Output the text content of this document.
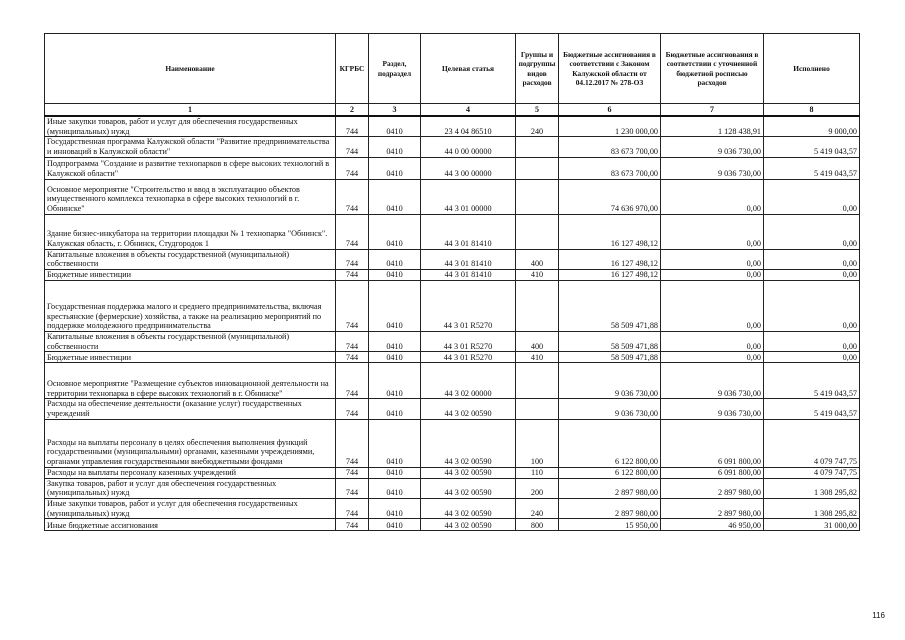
Наименование	КГРБС	Раздел, подраздел	Целевая статья	Группы и подгруппы видов расходов	Бюджетные ассигнования в соответствии с Законом Калужской области от 04.12.2017 № 278-ОЗ	Бюджетные ассигнования в соответствии с уточненной бюджетной росписью расходов	Исполнено
1	2	3	4	5	6	7	8
Иные закупки товаров, работ и услуг для обеспечения государственных (муниципальных) нужд	744	0410	23 4 04 86510	240	1 230 000,00	1 128 438,91	9 000,00
Государственная программа Калужской области "Развитие предпринимательства и инноваций в Калужской области"	744	0410	44 0 00 00000		83 673 700,00	9 036 730,00	5 419 043,57
Подпрограмма "Создание и развитие технопарков в сфере высоких технологий в Калужской области"	744	0410	44 3 00 00000		83 673 700,00	9 036 730,00	5 419 043,57
Основное мероприятие "Строительство и ввод в эксплуатацию объектов имущественного комплекса технопарка в сфере высоких технологий в г. Обнинске"	744	0410	44 3 01 00000		74 636 970,00	0,00	0,00
Здание бизнес-инкубатора на территории площадки № 1 технопарка "Обнинск". Калужская область, г. Обнинск, Студгородок 1	744	0410	44 3 01 81410		16 127 498,12	0,00	0,00
Капитальные вложения в объекты государственной (муниципальной) собственности	744	0410	44 3 01 81410	400	16 127 498,12	0,00	0,00
Бюджетные инвестиции	744	0410	44 3 01 81410	410	16 127 498,12	0,00	0,00
Государственная поддержка малого и среднего предпринимательства, включая крестьянские (фермерские) хозяйства, а также на реализацию мероприятий по поддержке молодежного предпринимательства	744	0410	44 3 01 R5270		58 509 471,88	0,00	0,00
Капитальные вложения в объекты государственной (муниципальной) собственности	744	0410	44 3 01 R5270	400	58 509 471,88	0,00	0,00
Бюджетные инвестиции	744	0410	44 3 01 R5270	410	58 509 471,88	0,00	0,00
Основное мероприятие "Размещение субъектов инновационной деятельности на территории технопарка в сфере высоких технологий в г. Обнинске"	744	0410	44 3 02 00000		9 036 730,00	9 036 730,00	5 419 043,57
Расходы на обеспечение деятельности (оказание услуг) государственных учреждений	744	0410	44 3 02 00590		9 036 730,00	9 036 730,00	5 419 043,57
Расходы на выплаты персоналу в целях обеспечения выполнения функций государственными (муниципальными) органами, казенными учреждениями, органами управления государственными внебюджетными фондами	744	0410	44 3 02 00590	100	6 122 800,00	6 091 800,00	4 079 747,75
Расходы на выплаты персоналу казенных учреждений	744	0410	44 3 02 00590	110	6 122 800,00	6 091 800,00	4 079 747,75
Закупка товаров, работ и услуг для обеспечения государственных (муниципальных) нужд	744	0410	44 3 02 00590	200	2 897 980,00	2 897 980,00	1 308 295,82
Иные закупки товаров, работ и услуг для обеспечения государственных (муниципальных) нужд	744	0410	44 3 02 00590	240	2 897 980,00	2 897 980,00	1 308 295,82
Иные бюджетные ассигнования	744	0410	44 3 02 00590	800	15 950,00	46 950,00	31 000,00
116
